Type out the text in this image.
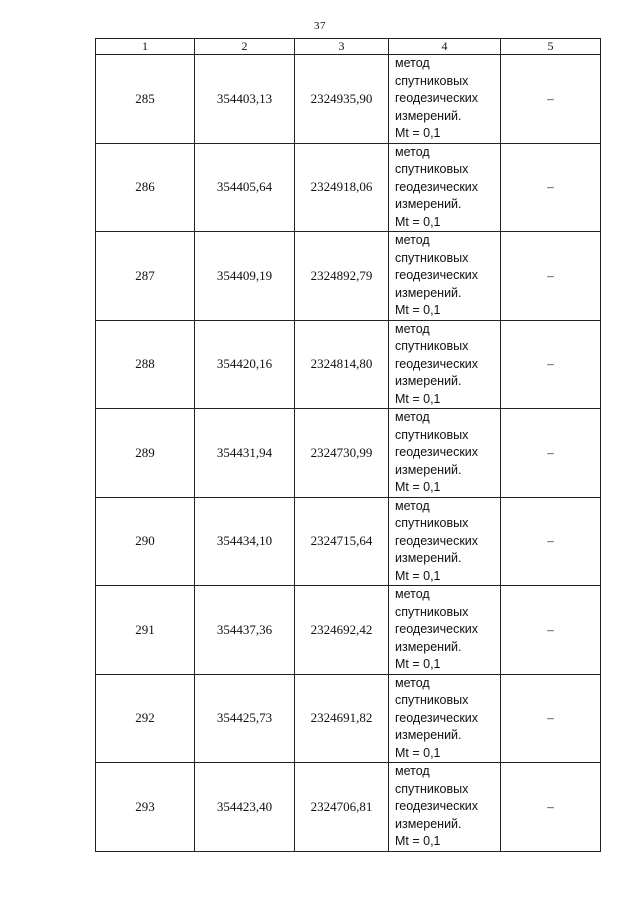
37
1	2	3	4	5
285	354403,13	2324935,90	метод
спутниковых
геодезических
измерений.
Mt = 0,1	–
286	354405,64	2324918,06	метод
спутниковых
геодезических
измерений.
Mt = 0,1	–
287	354409,19	2324892,79	метод
спутниковых
геодезических
измерений.
Mt = 0,1	–
288	354420,16	2324814,80	метод
спутниковых
геодезических
измерений.
Mt = 0,1	–
289	354431,94	2324730,99	метод
спутниковых
геодезических
измерений.
Mt = 0,1	–
290	354434,10	2324715,64	метод
спутниковых
геодезических
измерений.
Mt = 0,1	–
291	354437,36	2324692,42	метод
спутниковых
геодезических
измерений.
Mt = 0,1	–
292	354425,73	2324691,82	метод
спутниковых
геодезических
измерений.
Mt = 0,1	–
293	354423,40	2324706,81	метод
спутниковых
геодезических
измерений.
Mt = 0,1	–
